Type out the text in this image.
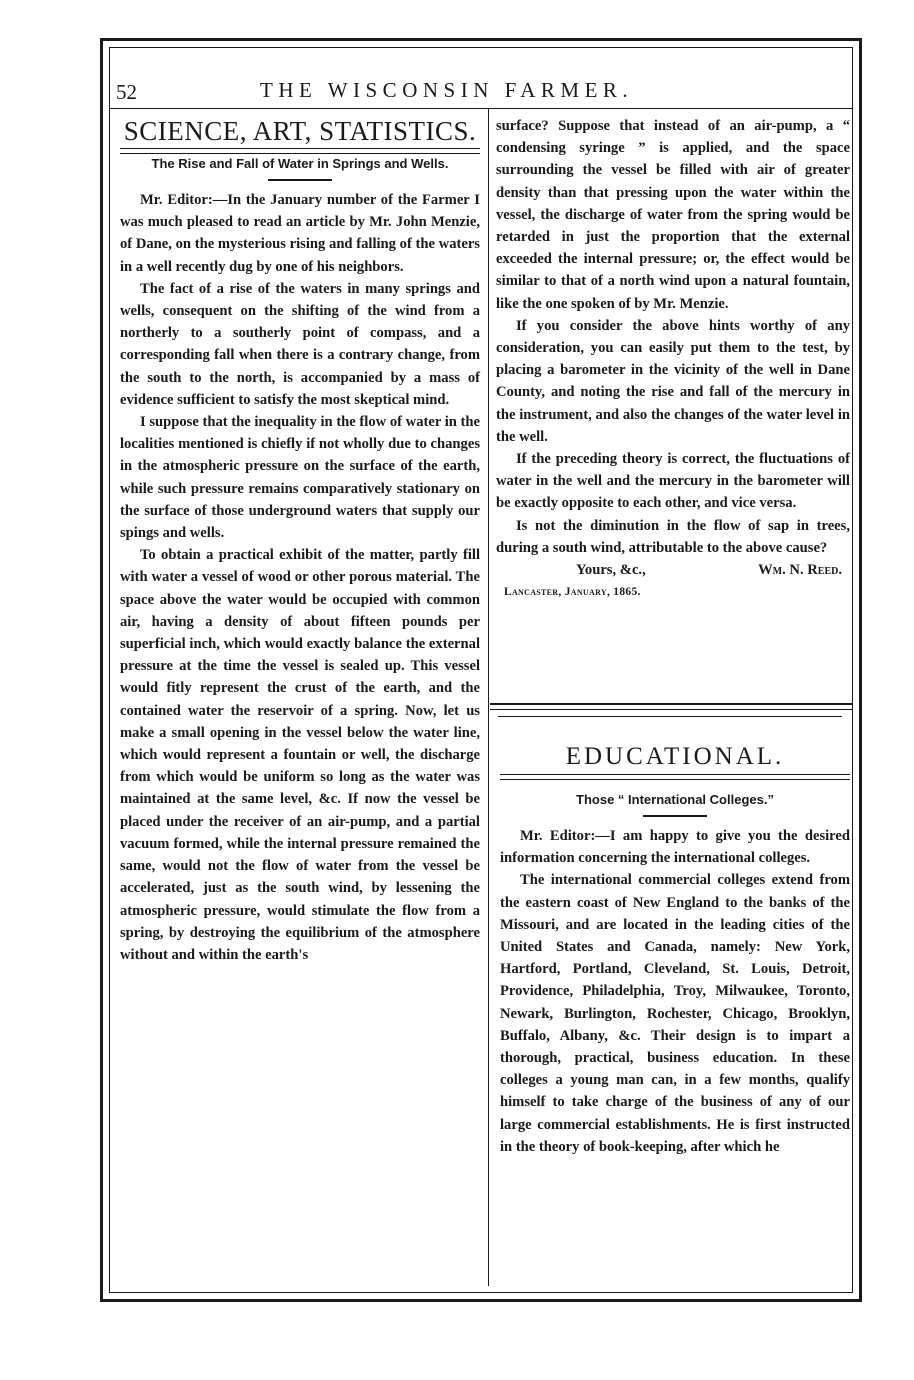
52	THE WISCONSIN FARMER.
SCIENCE, ART, STATISTICS.

The Rise and Fall of Water in Springs and Wells.

Mr. Editor:—In the January number of the Farmer I was much pleased to read an article by Mr. John Menzie, of Dane, on the mysterious rising and falling of the waters in a well recently dug by one of his neighbors.

The fact of a rise of the waters in many springs and wells, consequent on the shifting of the wind from a northerly to a southerly point of compass, and a corresponding fall when there is a contrary change, from the south to the north, is accompanied by a mass of evidence sufficient to satisfy the most skeptical mind.

I suppose that the inequality in the flow of water in the localities mentioned is chiefly if not wholly due to changes in the atmospheric pressure on the surface of the earth, while such pressure remains comparatively stationary on the surface of those underground waters that supply our spings and wells.

To obtain a practical exhibit of the matter, partly fill with water a vessel of wood or other porous material. The space above the water would be occupied with common air, having a density of about fifteen pounds per superficial inch, which would exactly balance the external pressure at the time the vessel is sealed up. This vessel would fitly represent the crust of the earth, and the contained water the reservoir of a spring. Now, let us make a small opening in the vessel below the water line, which would represent a fountain or well, the discharge from which would be uniform so long as the water was maintained at the same level, &c. If now the vessel be placed under the receiver of an air-pump, and a partial vacuum formed, while the internal pressure remained the same, would not the flow of water from the vessel be accelerated, just as the south wind, by lessening the atmospheric pressure, would stimulate the flow from a spring, by destroying the equilibrium of the atmosphere without and within the earth's

surface? Suppose that instead of an air-pump, a “ condensing syringe ” is applied, and the space surrounding the vessel be filled with air of greater density than that pressing upon the water within the vessel, the discharge of water from the spring would be retarded in just the proportion that the external exceeded the internal pressure; or, the effect would be similar to that of a north wind upon a natural fountain, like the one spoken of by Mr. Menzie.

If you consider the above hints worthy of any consideration, you can easily put them to the test, by placing a barometer in the vicinity of the well in Dane County, and noting the rise and fall of the mercury in the instrument, and also the changes of the water level in the well.

If the preceding theory is correct, the fluctuations of water in the well and the mercury in the barometer will be exactly opposite to each other, and vice versa.

Is not the diminution in the flow of sap in trees, during a south wind, attributable to the above cause?

Yours, &c.,	Wm. N. Reed.

Lancaster, January, 1865.

EDUCATIONAL.

Those “ International Colleges.”

Mr. Editor:—I am happy to give you the desired information concerning the international colleges.

The international commercial colleges extend from the eastern coast of New England to the banks of the Missouri, and are located in the leading cities of the United States and Canada, namely: New York, Hartford, Portland, Cleveland, St. Louis, Detroit, Providence, Philadelphia, Troy, Milwaukee, Toronto, Newark, Burlington, Rochester, Chicago, Brooklyn, Buffalo, Albany, &c. Their design is to impart a thorough, practical, business education. In these colleges a young man can, in a few months, qualify himself to take charge of the business of any of our large commercial establishments. He is first instructed in the theory of book-keeping, after which he
